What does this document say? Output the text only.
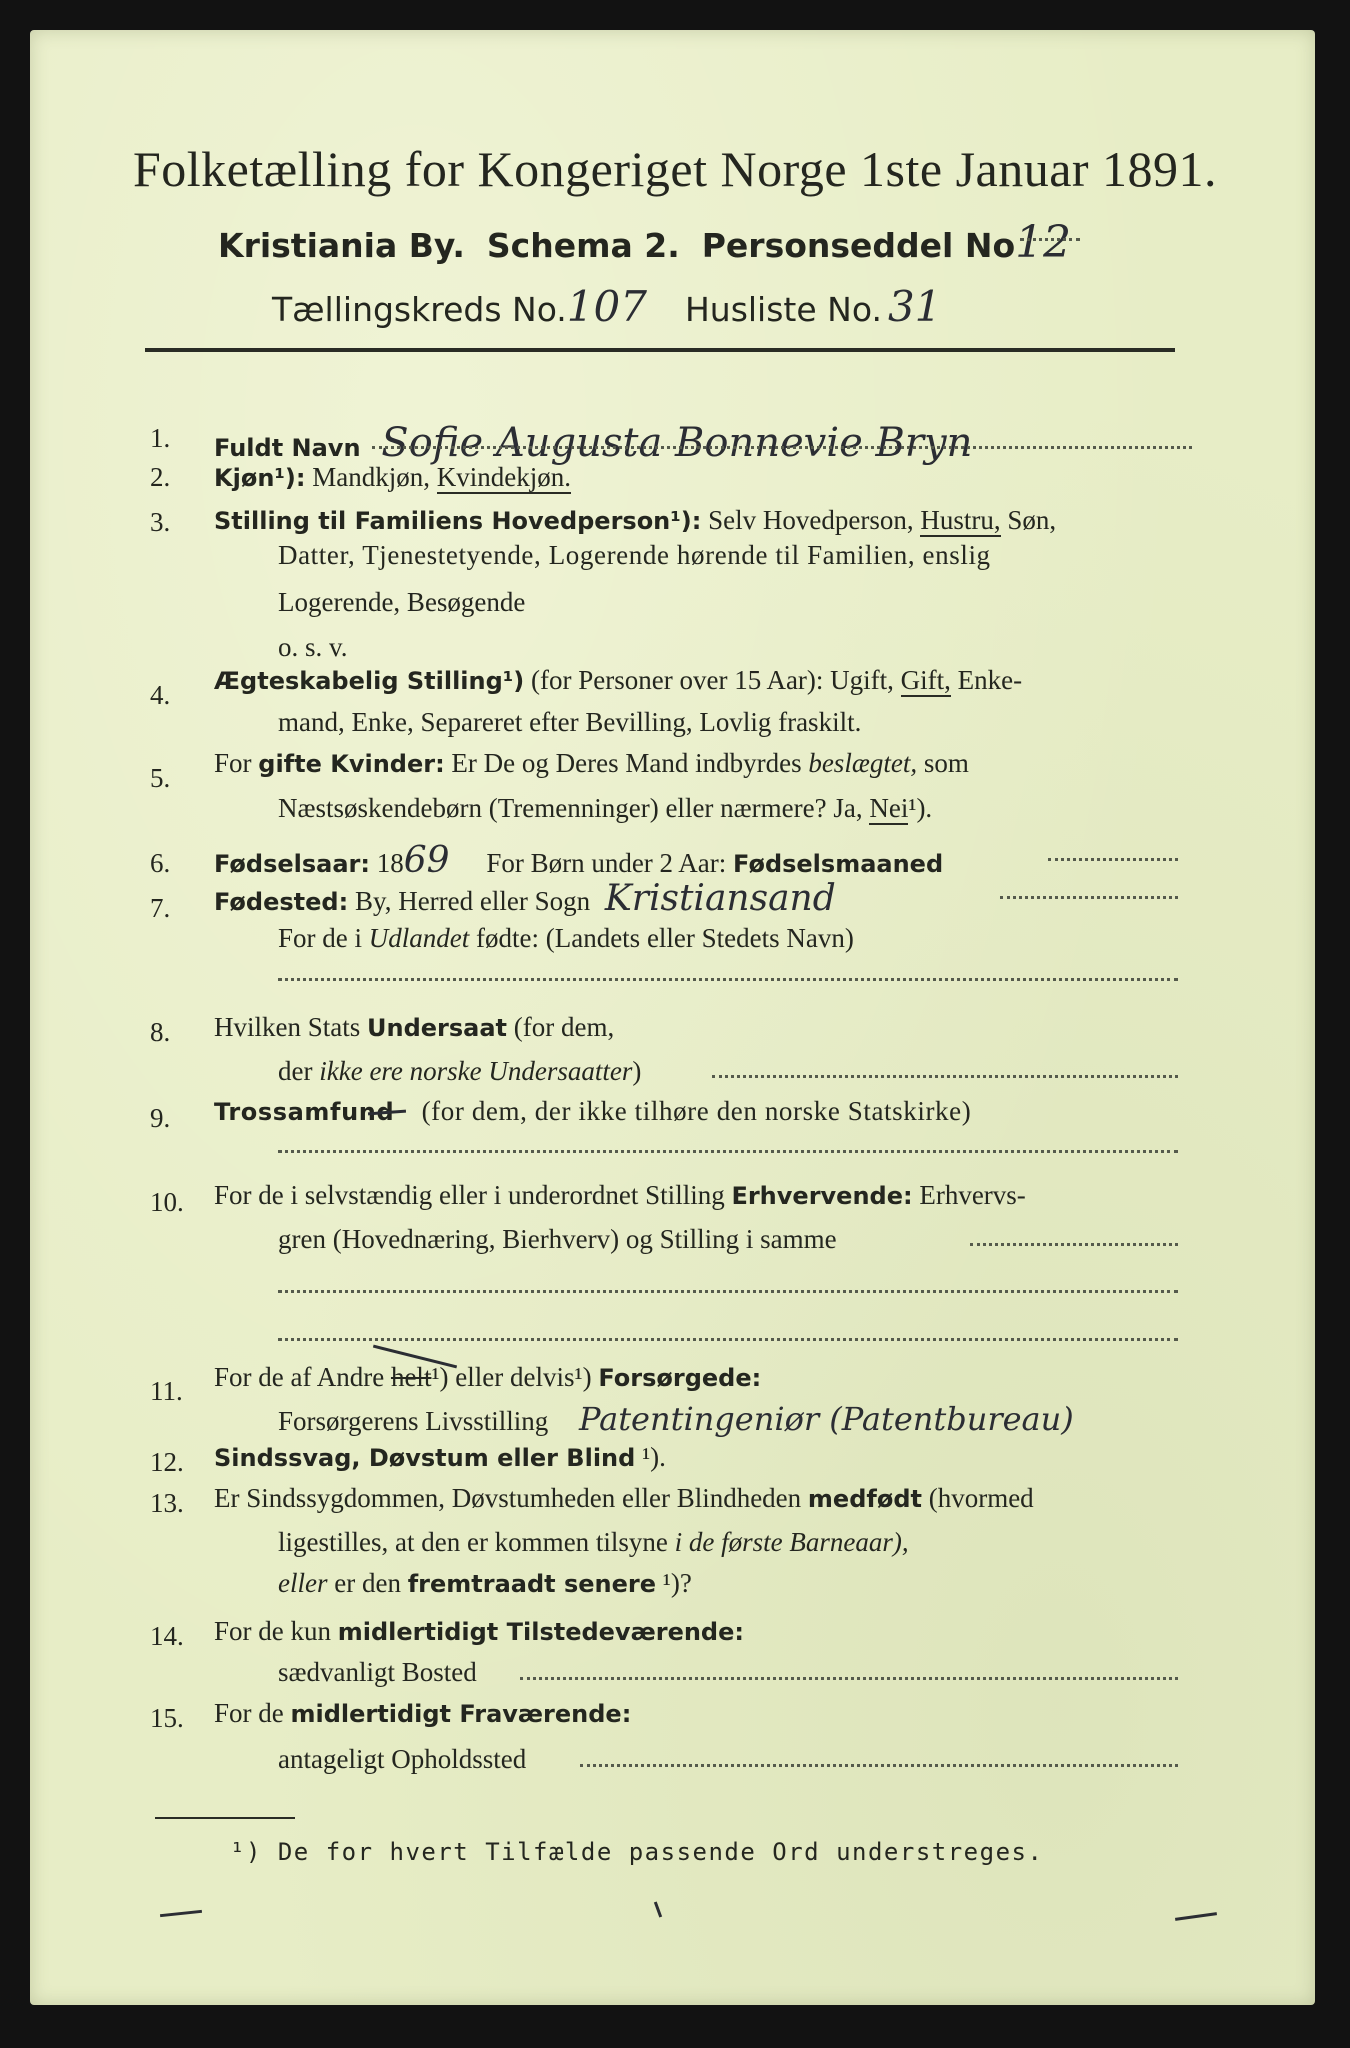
Folketælling for Kongeriget Norge 1ste Januar 1891.
Kristiania By. Schema 2. Personseddel No12
Tællingskreds No.107 Husliste No. 31
1. Fuldt Navn Sofie Augusta Bonnevie Bryn
2. Kjøn¹): Mandkjøn, Kvindekjøn.
3. Stilling til Familiens Hovedperson¹): Selv Hovedperson, Hustru, Søn,
Datter, Tjenestetyende, Logerende hørende til Familien, enslig
Logerende, Besøgende
o. s. v.
4. Ægteskabelig Stilling¹) (for Personer over 15 Aar): Ugift, Gift, Enke-
mand, Enke, Separeret efter Bevilling, Lovlig fraskilt.
5. For gifte Kvinder: Er De og Deres Mand indbyrdes beslægtet, som
Næstsøskendebørn (Tremenninger) eller nærmere? Ja, Nei¹).
6. Fødselsaar: 1869 For Børn under 2 Aar: Fødselsmaaned
7. Fødested: By, Herred eller Sogn Kristiansand
For de i Udlandet fødte: (Landets eller Stedets Navn)
8. Hvilken Stats Undersaat (for dem,
der ikke ere norske Undersaatter)
9. Trossamfund (for dem, der ikke tilhøre den norske Statskirke)
10. For de i selvstændig eller i underordnet Stilling Erhvervende: Erhvervs-
gren (Hovednæring, Bierhverv) og Stilling i samme
11. For de af Andre helt¹) eller delvis¹) Forsørgede:
Forsørgerens Livsstilling Patentingeniør (Patentbureau)
12. Sindssvag, Døvstum eller Blind ¹).
13. Er Sindssygdommen, Døvstumheden eller Blindheden medfødt (hvormed
ligestilles, at den er kommen tilsyne i de første Barneaar),
eller er den fremtraadt senere ¹)?
14. For de kun midlertidigt Tilstedeværende:
sædvanligt Bosted
15. For de midlertidigt Fraværende:
antageligt Opholdssted
¹) De for hvert Tilfælde passende Ord understreges.
